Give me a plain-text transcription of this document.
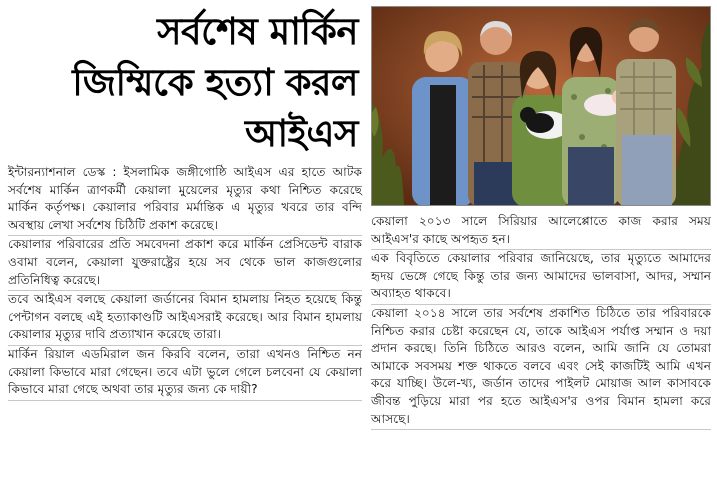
সর্বশেষ মার্কিন
জিম্মিকে হত্যা করল
আইএস

ইন্টারন্যাশনাল ডেস্ক : ইসলামিক জঙ্গীগোষ্ঠি আইএস এর হাতে আটক সর্বশেষ মার্কিন ত্রাণকর্মী কেয়ালা মুয়েলের মৃত্যুর কথা নিশ্চিত করেছে মার্কিন কর্তৃপক্ষ। কেয়ালার পরিবার মর্মান্তিক এ মৃত্যুর খবরে তার বন্দি অবস্থায় লেখা সর্বশেষ চিঠিটি প্রকাশ করেছে।

কেয়ালার পরিবারের প্রতি সমবেদনা প্রকাশ করে মার্কিন প্রেসিডেন্ট বারাক ওবামা বলেন, কেয়ালা যুক্তরাষ্ট্রের হয়ে সব থেকে ভাল কাজগুলোর প্রতিনিধিত্ব করেছে।

তবে আইএস বলছে কেয়ালা জর্ডানের বিমান হামলায় নিহত হয়েছে কিন্তু পেন্টাগন বলছে এই হত্যাকাণ্ডটি আইএসরাই করেছে। আর বিমান হামলায় কেয়ালার মৃত্যুর দাবি প্রত্যাখান করেছে তারা।

মার্কিন রিয়াল এডমিরাল জন কিরবি বলেন, তারা এখনও নিশ্চিত নন কেয়ালা কিভাবে মারা গেছেন। তবে এটা ভুলে গেলে চলবেনা যে কেয়ালা কিভাবে মারা গেছে অথবা তার মৃত্যুর জন্য কে দায়ী?

কেয়ালা ২০১৩ সালে সিরিয়ার আলেপ্পোতে কাজ করার সময় আইএস'র কাছে অপহৃত হন।

এক বিবৃতিতে কেয়ালার পরিবার জানিয়েছে, তার মৃত্যুতে আমাদের হৃদয় ভেঙ্গে গেছে কিন্তু তার জন্য আমাদের ভালবাসা, আদর, সম্মান অব্যাহত থাকবে।

কেয়ালা ২০১৪ সালে তার সর্বশেষ প্রকাশিত চিঠিতে তার পরিবারকে নিশ্চিত করার চেষ্টা করেছেন যে, তাকে আইএস পর্যাপ্ত সম্মান ও দয়া প্রদান করছে। তিনি চিঠিতে আরও বলেন, আমি জানি যে তোমরা আমাকে সবসময় শক্ত থাকতে বলবে এবং সেই কাজটিই আমি এখন করে যাচ্ছি। উলে-খ্য, জর্ডান তাদের পাইলট মোয়াজ আল কাসাবকে জীবন্ত পুড়িয়ে মারা পর হতে আইএস'র ওপর বিমান হামলা করে আসছে।
